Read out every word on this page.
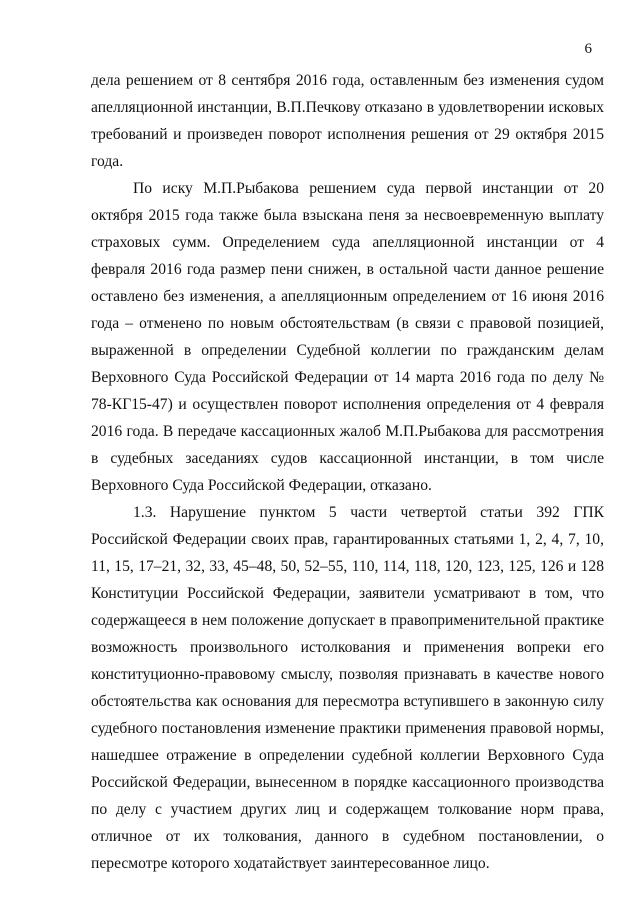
6

дела решением от 8 сентября 2016 года, оставленным без изменения судом апелляционной инстанции, В.П.Печкову отказано в удовлетворении исковых требований и произведен поворот исполнения решения от 29 октября 2015 года.

По иску М.П.Рыбакова решением суда первой инстанции от 20 октября 2015 года также была взыскана пеня за несвоевременную выплату страховых сумм. Определением суда апелляционной инстанции от 4 февраля 2016 года размер пени снижен, в остальной части данное решение оставлено без изменения, а апелляционным определением от 16 июня 2016 года – отменено по новым обстоятельствам (в связи с правовой позицией, выраженной в определении Судебной коллегии по гражданским делам Верховного Суда Российской Федерации от 14 марта 2016 года по делу № 78-КГ15-47) и осуществлен поворот исполнения определения от 4 февраля 2016 года. В передаче кассационных жалоб М.П.Рыбакова для рассмотрения в судебных заседаниях судов кассационной инстанции, в том числе Верховного Суда Российской Федерации, отказано.

1.3. Нарушение пунктом 5 части четвертой статьи 392 ГПК Российской Федерации своих прав, гарантированных статьями 1, 2, 4, 7, 10, 11, 15, 17–21, 32, 33, 45–48, 50, 52–55, 110, 114, 118, 120, 123, 125, 126 и 128 Конституции Российской Федерации, заявители усматривают в том, что содержащееся в нем положение допускает в правоприменительной практике возможность произвольного истолкования и применения вопреки его конституционно-правовому смыслу, позволяя признавать в качестве нового обстоятельства как основания для пересмотра вступившего в законную силу судебного постановления изменение практики применения правовой нормы, нашедшее отражение в определении судебной коллегии Верховного Суда Российской Федерации, вынесенном в порядке кассационного производства по делу с участием других лиц и содержащем толкование норм права, отличное от их толкования, данного в судебном постановлении, о пересмотре которого ходатайствует заинтересованное лицо.
